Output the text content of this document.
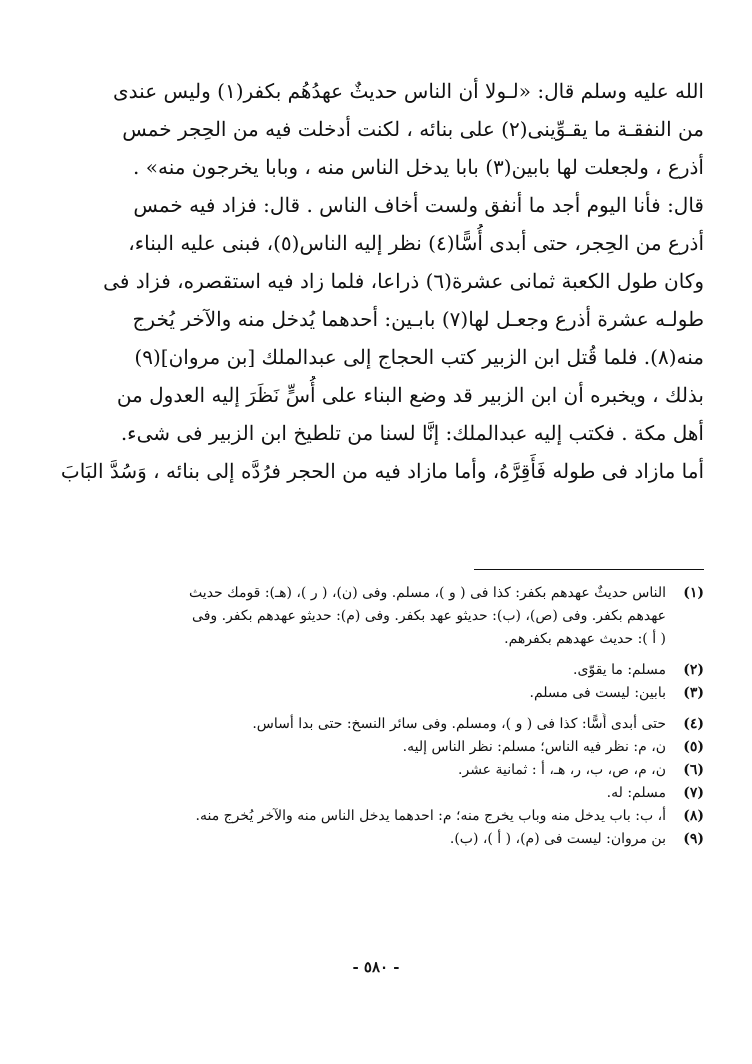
الله عليه وسلم قال: «لـولا أن الناس حديثٌ عهدُهُم بكفر(١) وليس عندى
من النفقـة ما يقـوِّينى(٢) على بنائه ، لكنت أدخلت فيه من الحِجر خمس
أذرع ، ولجعلت لها بابين(٣) بابا يدخل الناس منه ، وبابا يخرجون منه» .
قال: فأنا اليوم أجد ما أنفق ولست أخاف الناس . قال: فزاد فيه خمس
أذرع من الحِجر، حتى أبدى أُسًّا(٤) نظر إليه الناس(٥)، فبنى عليه البناء،
وكان طول الكعبة ثمانى عشرة(٦) ذراعا، فلما زاد فيه استقصره، فزاد فى
طولـه عشرة أذرع وجعـل لها(٧) بابـين: أحدهما يُدخل منه والآخر يُخرج
منه(٨). فلما قُتل ابن الزبير كتب الحجاج إلى عبدالملك [بن مروان](٩)
بذلك ، ويخبره أن ابن الزبير قد وضع البناء على أُسٍّ نَظَرَ إليه العدول من
أهل مكة . فكتب إليه عبدالملك: إنَّا لسنا من تلطيخ ابن الزبير فى شىء.
أما مازاد فى طوله فَأَقِرَّهُ، وأما مازاد فيه من الحجر فرُدَّه إلى بنائه ، وَسُدَّ البَابَ
(١)
الناس حديثٌ عهدهم بكفر: كذا فى ( و )، مسلم. وفى (ن)، ( ر )، (هـ): قومك حديث
عهدهم بكفر. وفى (ص)، (ب): حديثو عهد بكفر. وفى (م): حديثو عهدهم بكفر. وفى
( أ ): حديث عهدهم بكفرهم.
(٢)
مسلم: ما يقوّى.
(٣)
بابين: ليست فى مسلم.
(٤)
حتى أبدى أُسًّا: كذا فى ( و )، ومسلم. وفى سائر النسخ: حتى بدا أساس.
(٥)
ن، م: نظر فيه الناس؛ مسلم: نظر الناس إليه.
(٦)
ن، م، ص، ب، ر، هـ، أ : ثمانية عشر.
(٧)
مسلم: له.
(٨)
أ، ب: باب يدخل منه وباب يخرج منه؛ م: احدهما يدخل الناس منه والآخر يُخرج منه.
(٩)
بن مروان: ليست فى (م)، ( أ )، (ب).
- ٥٨٠ -
